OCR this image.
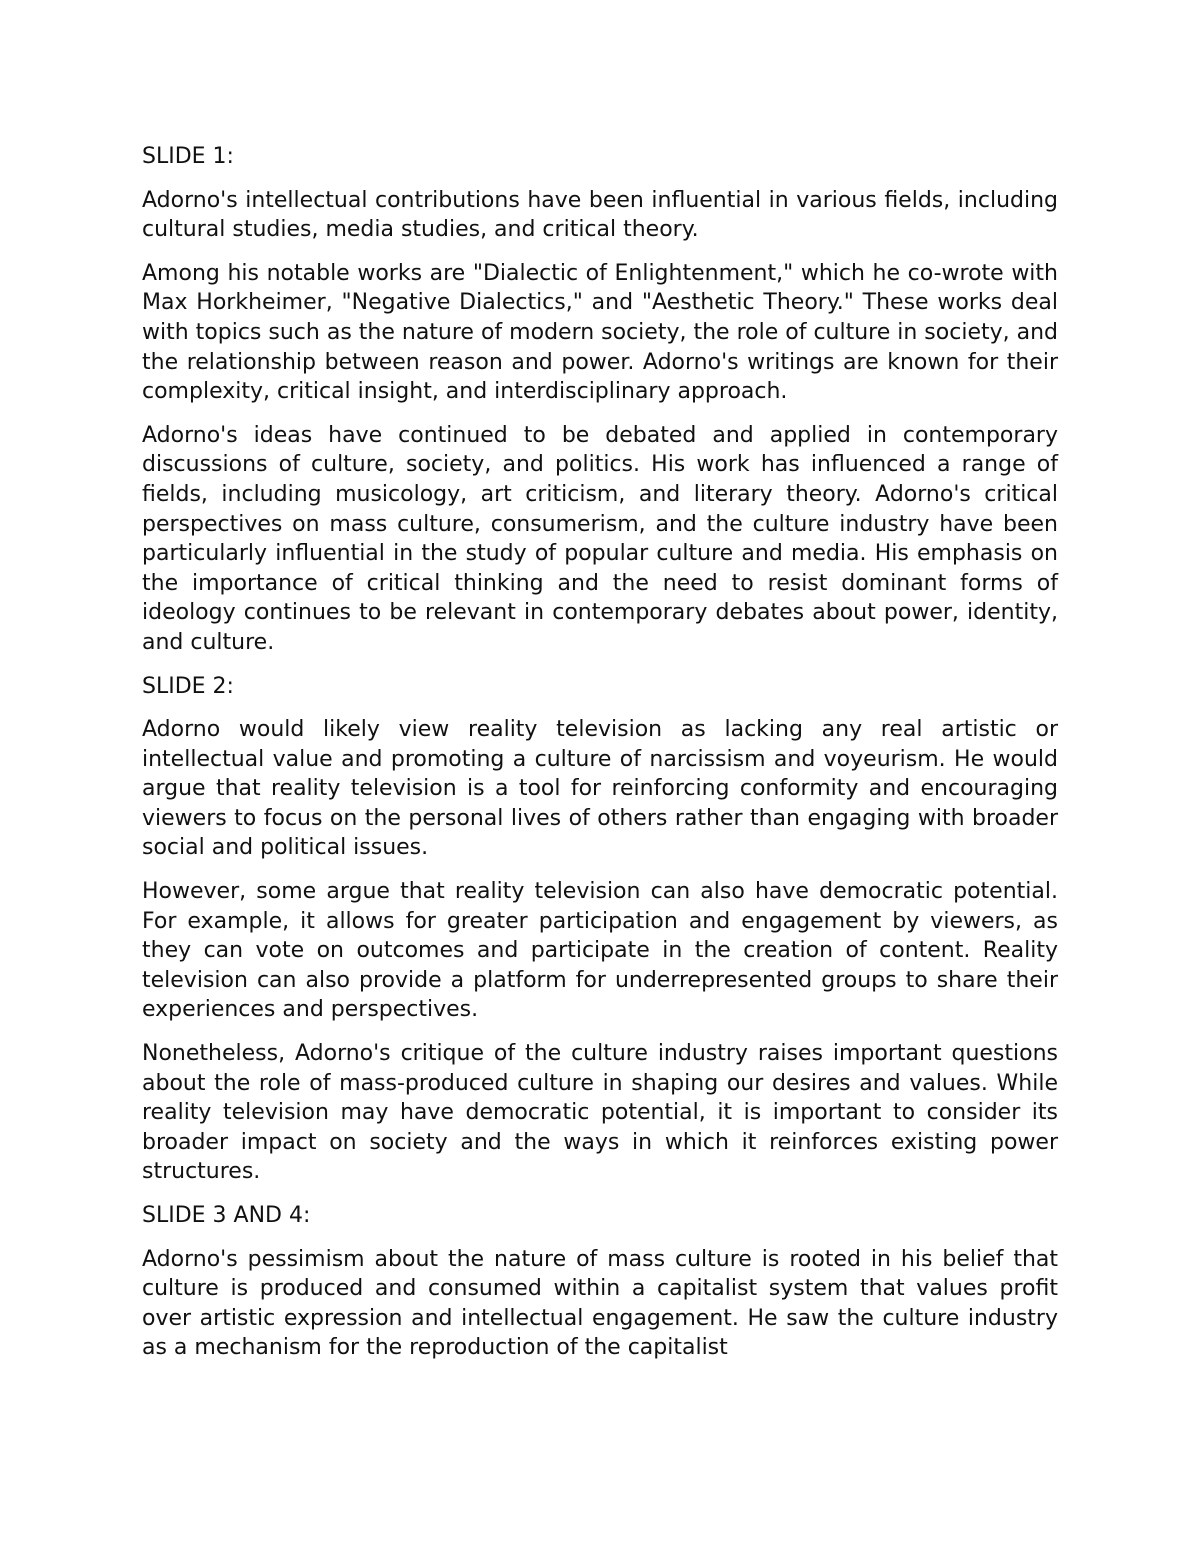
SLIDE 1:

Adorno's intellectual contributions have been influential in various fields, including cultural studies, media studies, and critical theory.

Among his notable works are "Dialectic of Enlightenment," which he co-wrote with Max Horkheimer, "Negative Dialectics," and "Aesthetic Theory." These works deal with topics such as the nature of modern society, the role of culture in society, and the relationship between reason and power. Adorno's writings are known for their complexity, critical insight, and interdisciplinary approach.

Adorno's ideas have continued to be debated and applied in contemporary discussions of culture, society, and politics. His work has influenced a range of fields, including musicology, art criticism, and literary theory. Adorno's critical perspectives on mass culture, consumerism, and the culture industry have been particularly influential in the study of popular culture and media. His emphasis on the importance of critical thinking and the need to resist dominant forms of ideology continues to be relevant in contemporary debates about power, identity, and culture.

SLIDE 2:

Adorno would likely view reality television as lacking any real artistic or intellectual value and promoting a culture of narcissism and voyeurism. He would argue that reality television is a tool for reinforcing conformity and encouraging viewers to focus on the personal lives of others rather than engaging with broader social and political issues.

However, some argue that reality television can also have democratic potential. For example, it allows for greater participation and engagement by viewers, as they can vote on outcomes and participate in the creation of content. Reality television can also provide a platform for underrepresented groups to share their experiences and perspectives.

Nonetheless, Adorno's critique of the culture industry raises important questions about the role of mass-produced culture in shaping our desires and values. While reality television may have democratic potential, it is important to consider its broader impact on society and the ways in which it reinforces existing power structures.

SLIDE 3 AND 4:

Adorno's pessimism about the nature of mass culture is rooted in his belief that culture is produced and consumed within a capitalist system that values profit over artistic expression and intellectual engagement. He saw the culture industry as a mechanism for the reproduction of the capitalist
